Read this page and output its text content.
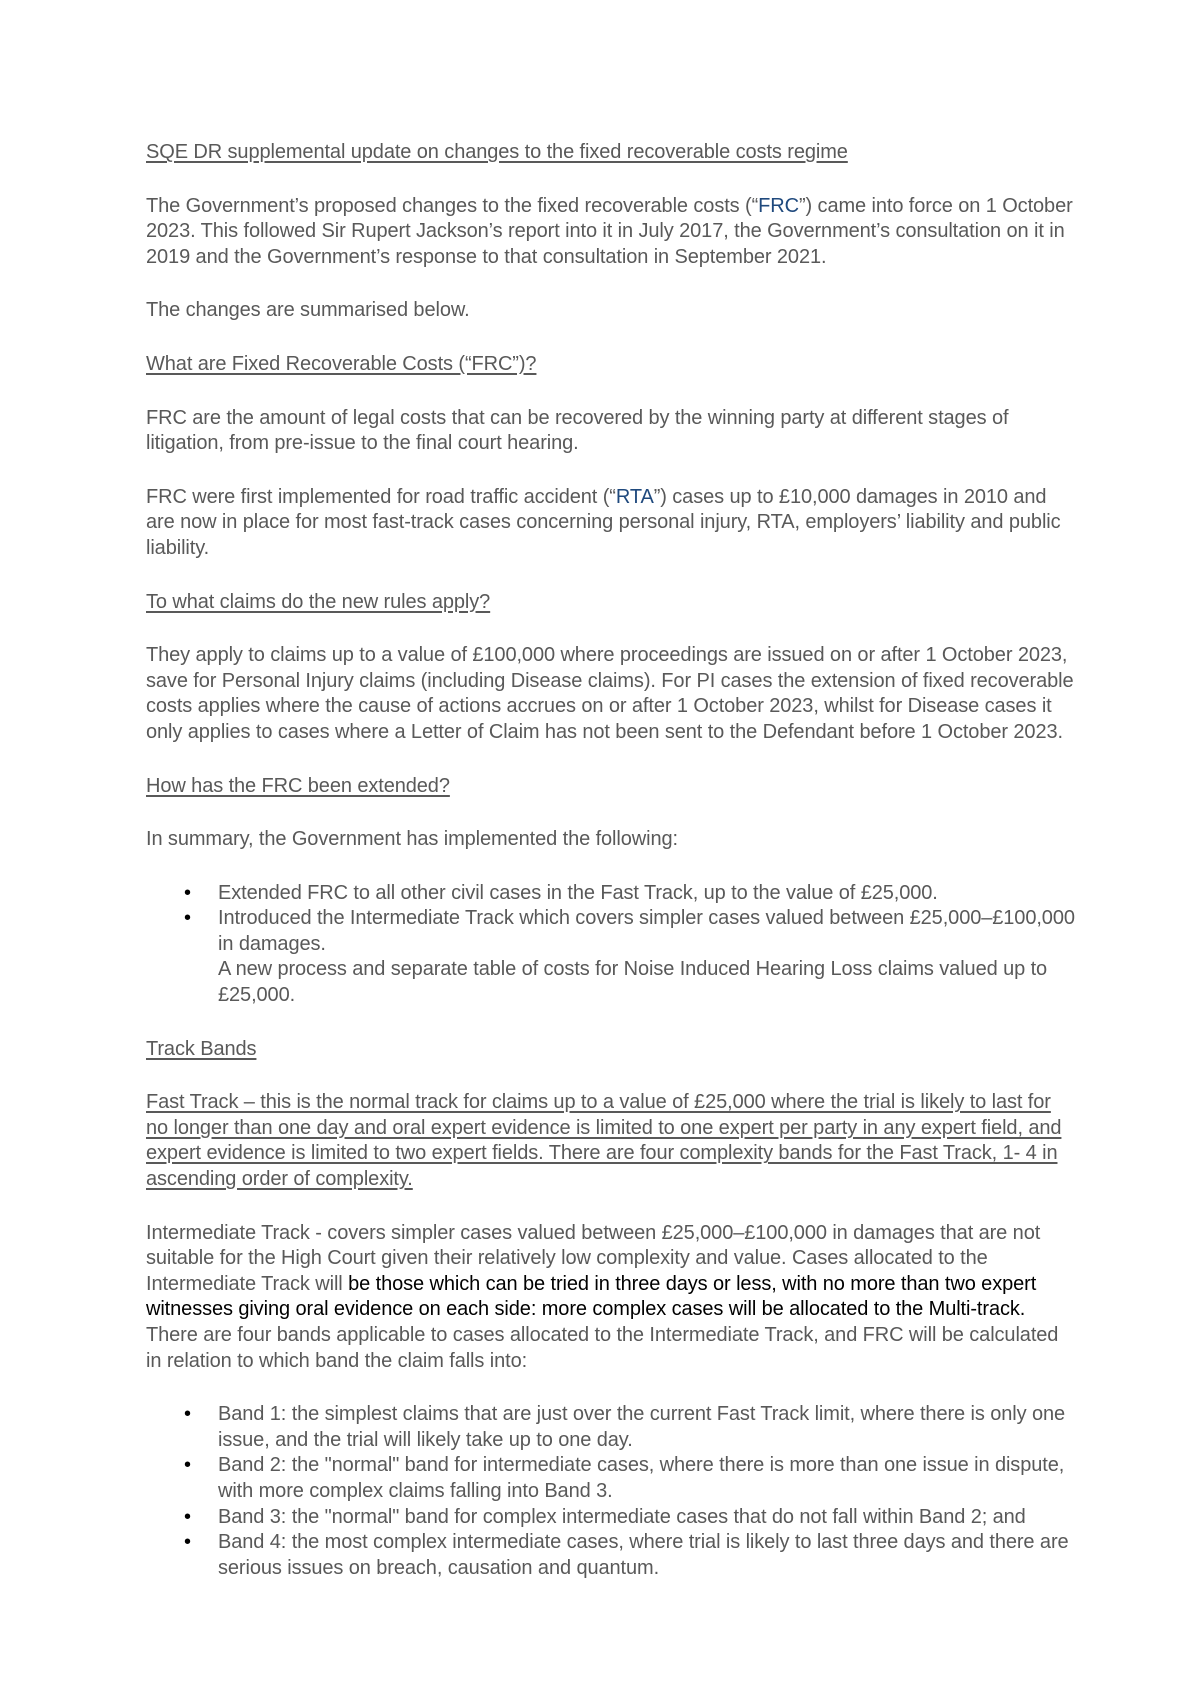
SQE DR supplemental update on changes to the fixed recoverable costs regime

The Government’s proposed changes to the fixed recoverable costs (“FRC”) came into force on 1 October 2023. This followed Sir Rupert Jackson’s report into it in July 2017, the Government’s consultation on it in 2019 and the Government’s response to that consultation in September 2021.

The changes are summarised below.

What are Fixed Recoverable Costs (“FRC”)?

FRC are the amount of legal costs that can be recovered by the winning party at different stages of litigation, from pre-issue to the final court hearing.

FRC were first implemented for road traffic accident (“RTA”) cases up to £10,000 damages in 2010 and are now in place for most fast-track cases concerning personal injury, RTA, employers’ liability and public liability.

To what claims do the new rules apply?

They apply to claims up to a value of £100,000 where proceedings are issued on or after 1 October 2023, save for Personal Injury claims (including Disease claims). For PI cases the extension of fixed recoverable costs applies where the cause of actions accrues on or after 1 October 2023, whilst for Disease cases it only applies to cases where a Letter of Claim has not been sent to the Defendant before 1 October 2023.

How has the FRC been extended?

In summary, the Government has implemented the following:

• Extended FRC to all other civil cases in the Fast Track, up to the value of £25,000.
• Introduced the Intermediate Track which covers simpler cases valued between £25,000–£100,000 in damages.
A new process and separate table of costs for Noise Induced Hearing Loss claims valued up to £25,000.

Track Bands

Fast Track – this is the normal track for claims up to a value of £25,000 where the trial is likely to last for no longer than one day and oral expert evidence is limited to one expert per party in any expert field, and expert evidence is limited to two expert fields. There are four complexity bands for the Fast Track, 1- 4 in ascending order of complexity.

Intermediate Track - covers simpler cases valued between £25,000–£100,000 in damages that are not suitable for the High Court given their relatively low complexity and value. Cases allocated to the Intermediate Track will be those which can be tried in three days or less, with no more than two expert witnesses giving oral evidence on each side: more complex cases will be allocated to the Multi-track. There are four bands applicable to cases allocated to the Intermediate Track, and FRC will be calculated in relation to which band the claim falls into:

• Band 1: the simplest claims that are just over the current Fast Track limit, where there is only one issue, and the trial will likely take up to one day.
• Band 2: the "normal" band for intermediate cases, where there is more than one issue in dispute, with more complex claims falling into Band 3.
• Band 3: the "normal" band for complex intermediate cases that do not fall within Band 2; and
• Band 4: the most complex intermediate cases, where trial is likely to last three days and there are serious issues on breach, causation and quantum.
